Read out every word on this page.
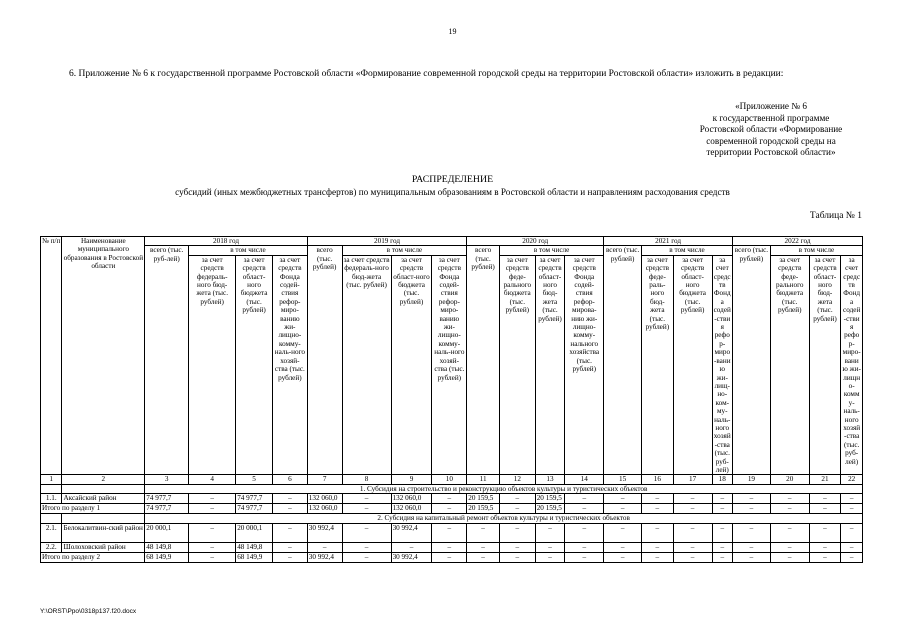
19
6. Приложение № 6 к государственной программе Ростовской области «Формирование современной городской среды на территории Ростовской области» изложить в редакции:
«Приложение № 6
к государственной программе
Ростовской области «Формирование
современной городской среды на
территории Ростовской области»
РАСПРЕДЕЛЕНИЕ
субсидий (иных межбюджетных трансфертов) по муниципальным образованиям в Ростовской области и направлениям расходования средств
Таблица № 1
№ п/п	Наименование муниципального образования в Ростовской области	2018 год				2019 год				2020 год				2021 год				2022 год			
		всего (тыс. руб-лей)	в том числе			всего (тыс. рублей)	в том числе			всего (тыс. рублей)	в том числе			всего (тыс. рублей)	в том числе			всего (тыс. рублей)	в том числе		
			за счет средств федераль-ного бюд-жета (тыс. рублей)	за счет средств област-ного бюджета (тыс. рублей)	за счет средств Фонда содей-ствия рефор-миро-ванию жи-лищно-комму-наль-ного хозяй-ства (тыс. рублей)		за счет средств федераль-ного бюд-жета (тыс. рублей)	за счет средств област-ного бюджета (тыс. рублей)	за счет средств Фонда содей-ствия рефор-миро-ванию жи-лищно-комму-наль-ного хозяй-ства (тыс. рублей)		за счет средств феде-рального бюджета (тыс. рублей)	за счет средств област-ного бюд-жета (тыс. рублей)	за счет средств Фонда содей-ствия рефор-мирова-нию жи-лищно-комму-нального хозяйства (тыс. рублей)		за счет средств феде-раль-ного бюд-жета (тыс. рублей)	за счет средств област-ного бюджета (тыс. рублей)	за счет средств Фонда содей-ствия рефор-миро-ванию жи-лищ-но-ком-му-наль-ного хозяй-ства (тыс. руб-лей)		за счет средств феде-рального бюджета (тыс. рублей)	за счет средств област-ного бюд-жета (тыс. рублей)	за счет средств Фонда содей-ствия рефор-миро-ванию жи-лищно-комму-наль-ного хозяй-ства (тыс. руб-лей)
1	2	3	4	5	6	7	8	9	10	11	12	13	14	15	16	17	18	19	20	21	22
		1. Субсидия на строительство и реконструкцию объектов культуры и туристических объектов																			
1.1.	Аксайский район	74 977,7	–	74 977,7	–	132 060,0	–	132 060,0	–	20 159,5	–	20 159,5	–	–	–	–	–	–	–	–	–
Итого по разделу 1		74 977,7	–	74 977,7	–	132 060,0	–	132 060,0	–	20 159,5	–	20 159,5	–	–	–	–	–	–	–	–	–
		2. Субсидия на капитальный ремонт объектов культуры и туристических объектов																			
2.1.	Белокалитвин-ский район	20 000,1	–	20 000,1	–	30 992,4	–	30 992,4	–	–	–	–	–	–	–	–	–	–	–	–	–
2.2.	Шолоховский район	48 149,8	–	48 149,8	–	–	–	–	–	–	–	–	–	–	–	–	–	–	–	–	–
Итого по разделу 2		68 149,9	–	68 149,9	–	30 992,4	–	30 992,4	–	–	–	–	–	–	–	–	–	–	–	–	–
Y:\ORST\Ppo\0318p137.f20.docx
